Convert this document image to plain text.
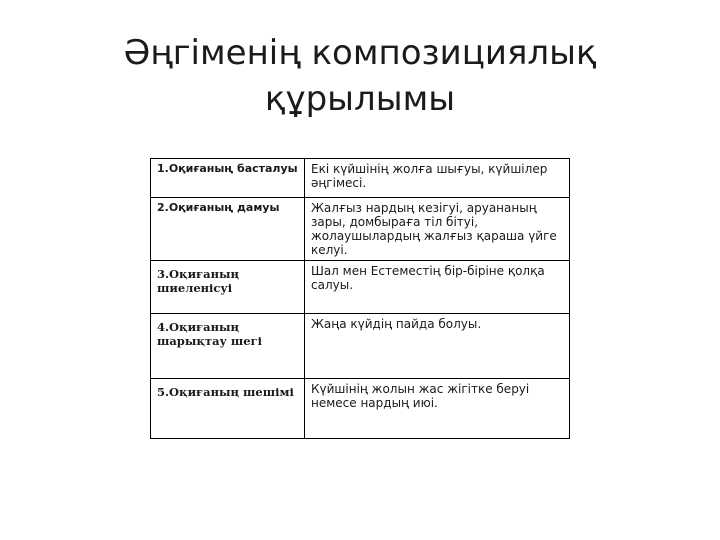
Әңгіменің композициялық
құрылымы
1.Оқиғаның басталуы	Екі күйшінің жолға шығуы, күйшілер әңгімесі.
2.Оқиғаның дамуы	Жалғыз нардың кезігуі, аруананың зары, домбыраға тіл бітуі, жолаушылардың жалғыз қараша үйге келуі.
3.Оқиғаның шиеленісуі	Шал мен Естеместің бір-біріне қолқа салуы.
4.Оқиғаның шарықтау шегі	Жаңа күйдің пайда болуы.
5.Оқиғаның шешімі	Күйшінің жолын жас жігітке беруі немесе нардың июі.
